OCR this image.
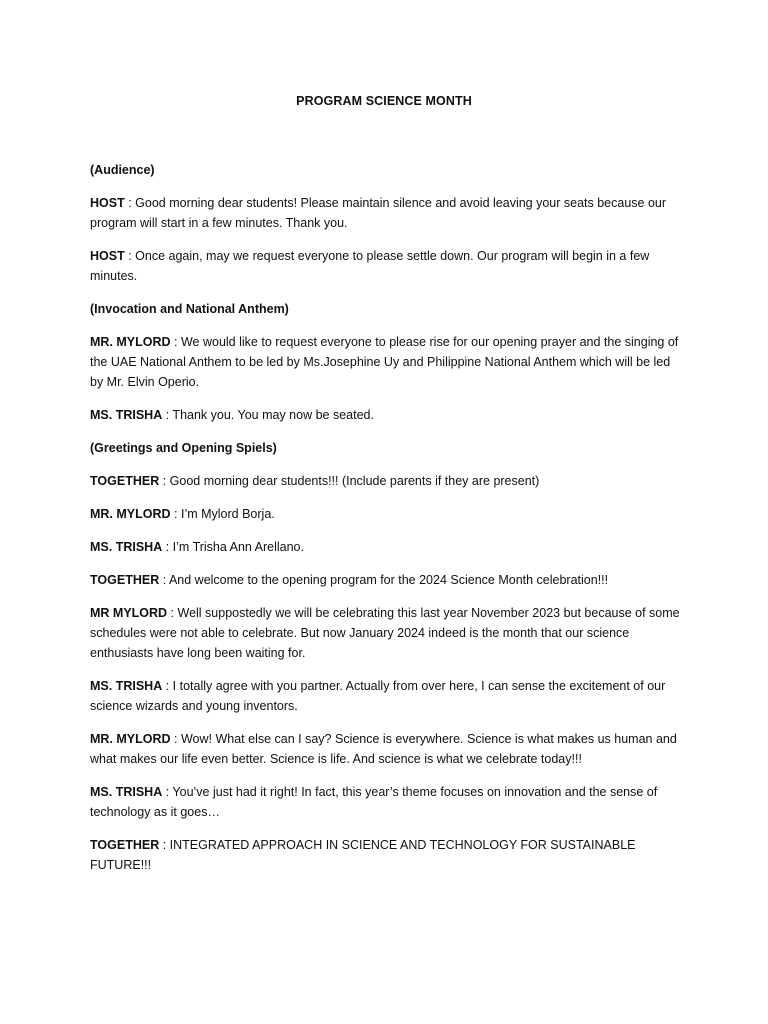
PROGRAM SCIENCE MONTH

(Audience)

HOST : Good morning dear students! Please maintain silence and avoid leaving your seats because our program will start in a few minutes. Thank you.

HOST : Once again, may we request everyone to please settle down. Our program will begin in a few minutes.

(Invocation and National Anthem)

MR. MYLORD : We would like to request everyone to please rise for our opening prayer and the singing of the UAE National Anthem to be led by Ms.Josephine Uy and Philippine National Anthem which will be led by Mr. Elvin Operio.

MS. TRISHA : Thank you. You may now be seated.

(Greetings and Opening Spiels)

TOGETHER : Good morning dear students!!! (Include parents if they are present)

MR. MYLORD : I’m Mylord Borja.

MS. TRISHA : I’m Trisha Ann Arellano.

TOGETHER : And welcome to the opening program for the 2024 Science Month celebration!!!

MR MYLORD : Well suppostedly we will be celebrating this last year November 2023 but because of some schedules were not able to celebrate. But now January 2024 indeed is the month that our science enthusiasts have long been waiting for.

MS. TRISHA : I totally agree with you partner. Actually from over here, I can sense the excitement of our science wizards and young inventors.

MR. MYLORD : Wow! What else can I say? Science is everywhere. Science is what makes us human and what makes our life even better. Science is life. And science is what we celebrate today!!!

MS. TRISHA : You’ve just had it right! In fact, this year’s theme focuses on innovation and the sense of technology as it goes…

TOGETHER : INTEGRATED APPROACH IN SCIENCE AND TECHNOLOGY FOR SUSTAINABLE FUTURE!!!
